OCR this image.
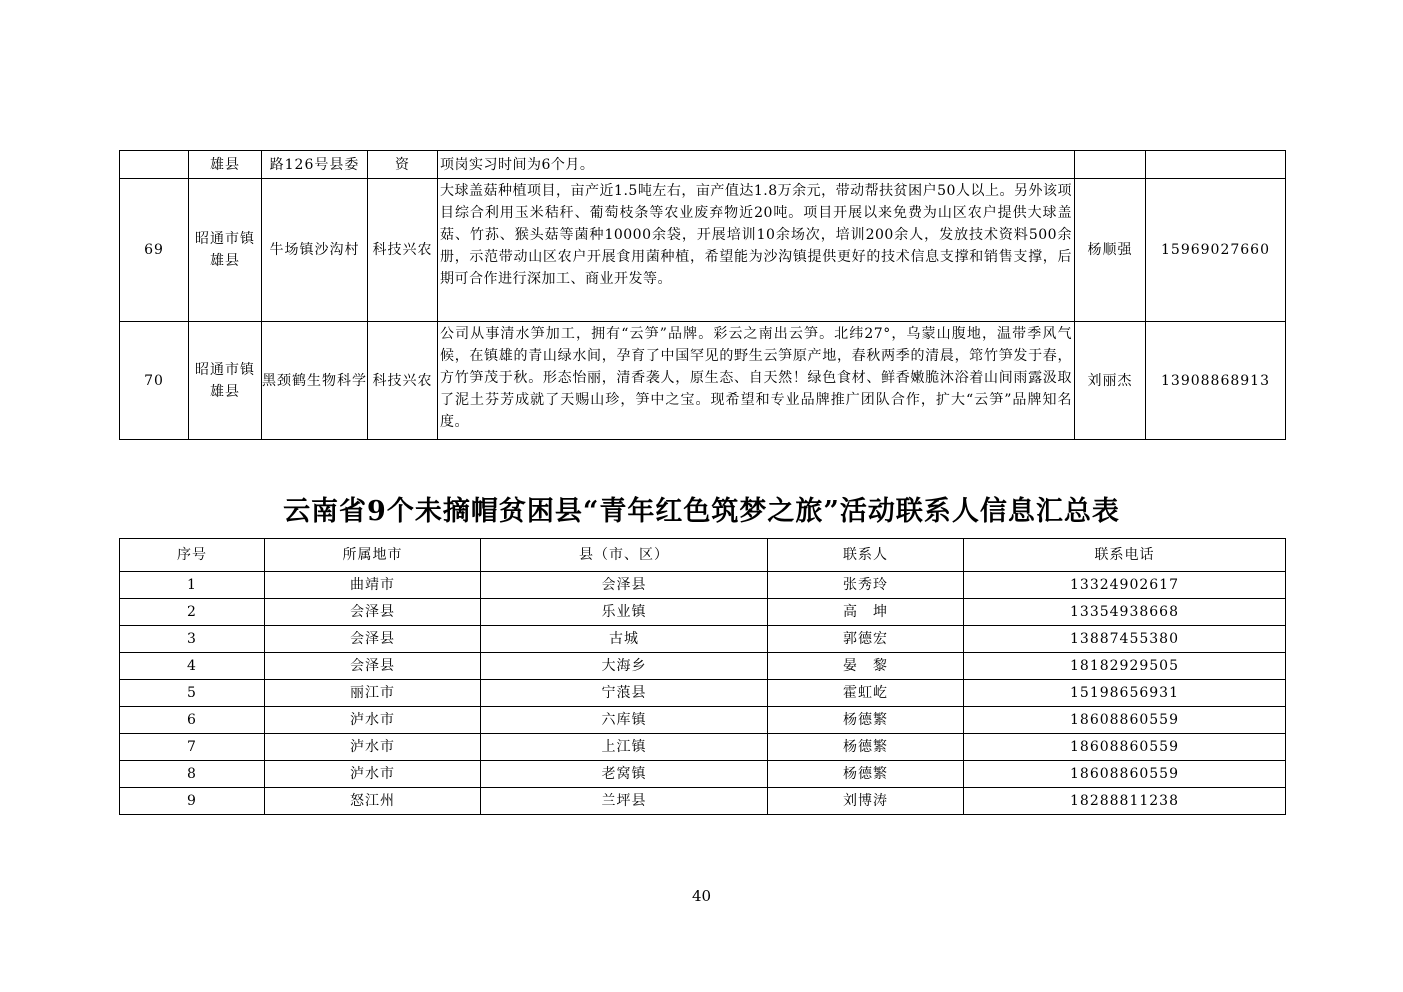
	雄县	路126号县委	资	项岗实习时间为6个月。		
69	昭通市镇雄县	牛场镇沙沟村	科技兴农	大球盖菇种植项目，亩产近1.5吨左右，亩产值达1.8万余元，带动帮扶贫困户50人以上。另外该项目综合利用玉米秸秆、葡萄枝条等农业废弃物近20吨。项目开展以来免费为山区农户提供大球盖菇、竹荪、猴头菇等菌种10000余袋，开展培训10余场次，培训200余人，发放技术资料500余册，示范带动山区农户开展食用菌种植，希望能为沙沟镇提供更好的技术信息支撑和销售支撑，后期可合作进行深加工、商业开发等。	杨顺强	15969027660
70	昭通市镇雄县	黑颈鹤生物科学	科技兴农	公司从事清水笋加工，拥有“云笋”品牌。彩云之南出云笋。北纬27°，乌蒙山腹地，温带季风气候，在镇雄的青山绿水间，孕育了中国罕见的野生云笋原产地，春秋两季的清晨，筇竹笋发于春，方竹笋茂于秋。形态怡丽，清香袭人，原生态、自天然！绿色食材、鲜香嫩脆沐浴着山间雨露汲取了泥土芬芳成就了天赐山珍，笋中之宝。现希望和专业品牌推广团队合作，扩大“云笋”品牌知名度。	刘丽杰	13908868913
云南省9个未摘帽贫困县“青年红色筑梦之旅”活动联系人信息汇总表
序号	所属地市	县（市、区）	联系人	联系电话
1	曲靖市	会泽县	张秀玲	13324902617
2	会泽县	乐业镇	高　坤	13354938668
3	会泽县	古城	郭德宏	13887455380
4	会泽县	大海乡	晏　黎	18182929505
5	丽江市	宁蒗县	霍虹屹	15198656931
6	泸水市	六库镇	杨德繁	18608860559
7	泸水市	上江镇	杨德繁	18608860559
8	泸水市	老窝镇	杨德繁	18608860559
9	怒江州	兰坪县	刘博涛	18288811238
40
